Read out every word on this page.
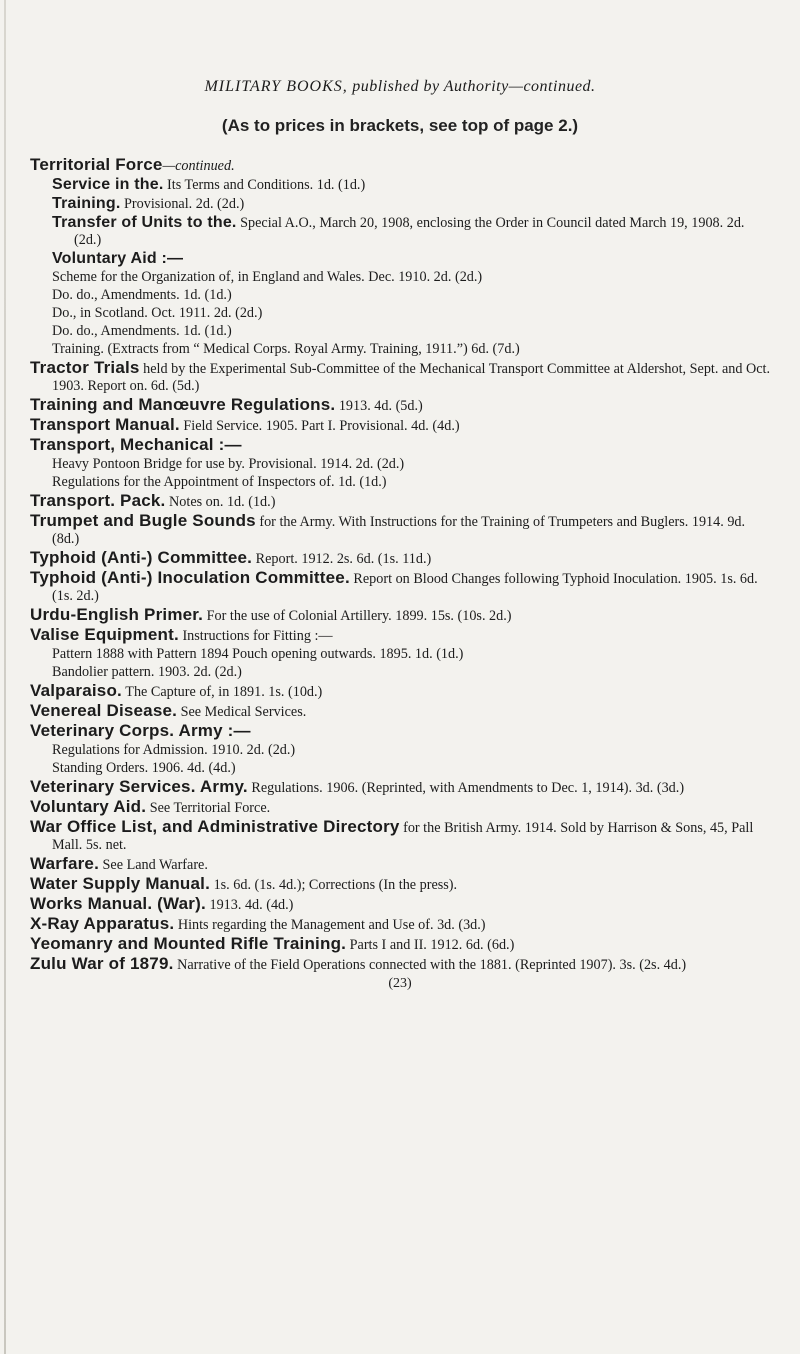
MILITARY BOOKS, published by Authority—continued.
(As to prices in brackets, see top of page 2.)
Territorial Force—continued.
Service in the. Its Terms and Conditions. 1d. (1d.)
Training. Provisional. 2d. (2d.)
Transfer of Units to the. Special A.O., March 20, 1908, enclosing the Order in Council dated March 19, 1908. 2d. (2d.)
Voluntary Aid :—
Scheme for the Organization of, in England and Wales. Dec. 1910. 2d. (2d.)
Do. do., Amendments. 1d. (1d.)
Do., in Scotland. Oct. 1911. 2d. (2d.)
Do. do., Amendments. 1d. (1d.)
Training. (Extracts from “ Medical Corps. Royal Army. Training, 1911.”) 6d. (7d.)
Tractor Trials held by the Experimental Sub-Committee of the Mechanical Transport Committee at Aldershot, Sept. and Oct. 1903. Report on. 6d. (5d.)
Training and Manœuvre Regulations. 1913. 4d. (5d.)
Transport Manual. Field Service. 1905. Part I. Provisional. 4d. (4d.)
Transport, Mechanical :—
Heavy Pontoon Bridge for use by. Provisional. 1914. 2d. (2d.)
Regulations for the Appointment of Inspectors of. 1d. (1d.)
Transport. Pack. Notes on. 1d. (1d.)
Trumpet and Bugle Sounds for the Army. With Instructions for the Training of Trumpeters and Buglers. 1914. 9d. (8d.)
Typhoid (Anti-) Committee. Report. 1912. 2s. 6d. (1s. 11d.)
Typhoid (Anti-) Inoculation Committee. Report on Blood Changes following Typhoid Inoculation. 1905. 1s. 6d. (1s. 2d.)
Urdu-English Primer. For the use of Colonial Artillery. 1899. 15s. (10s. 2d.)
Valise Equipment. Instructions for Fitting :—
Pattern 1888 with Pattern 1894 Pouch opening outwards. 1895. 1d. (1d.)
Bandolier pattern. 1903. 2d. (2d.)
Valparaiso. The Capture of, in 1891. 1s. (10d.)
Venereal Disease. See Medical Services.
Veterinary Corps. Army :—
Regulations for Admission. 1910. 2d. (2d.)
Standing Orders. 1906. 4d. (4d.)
Veterinary Services. Army. Regulations. 1906. (Reprinted, with Amendments to Dec. 1, 1914). 3d. (3d.)
Voluntary Aid. See Territorial Force.
War Office List, and Administrative Directory for the British Army. 1914. Sold by Harrison & Sons, 45, Pall Mall. 5s. net.
Warfare. See Land Warfare.
Water Supply Manual. 1s. 6d. (1s. 4d.); Corrections (In the press).
Works Manual. (War). 1913. 4d. (4d.)
X-Ray Apparatus. Hints regarding the Management and Use of. 3d. (3d.)
Yeomanry and Mounted Rifle Training. Parts I and II. 1912. 6d. (6d.)
Zulu War of 1879. Narrative of the Field Operations connected with the 1881. (Reprinted 1907). 3s. (2s. 4d.)
(23)
